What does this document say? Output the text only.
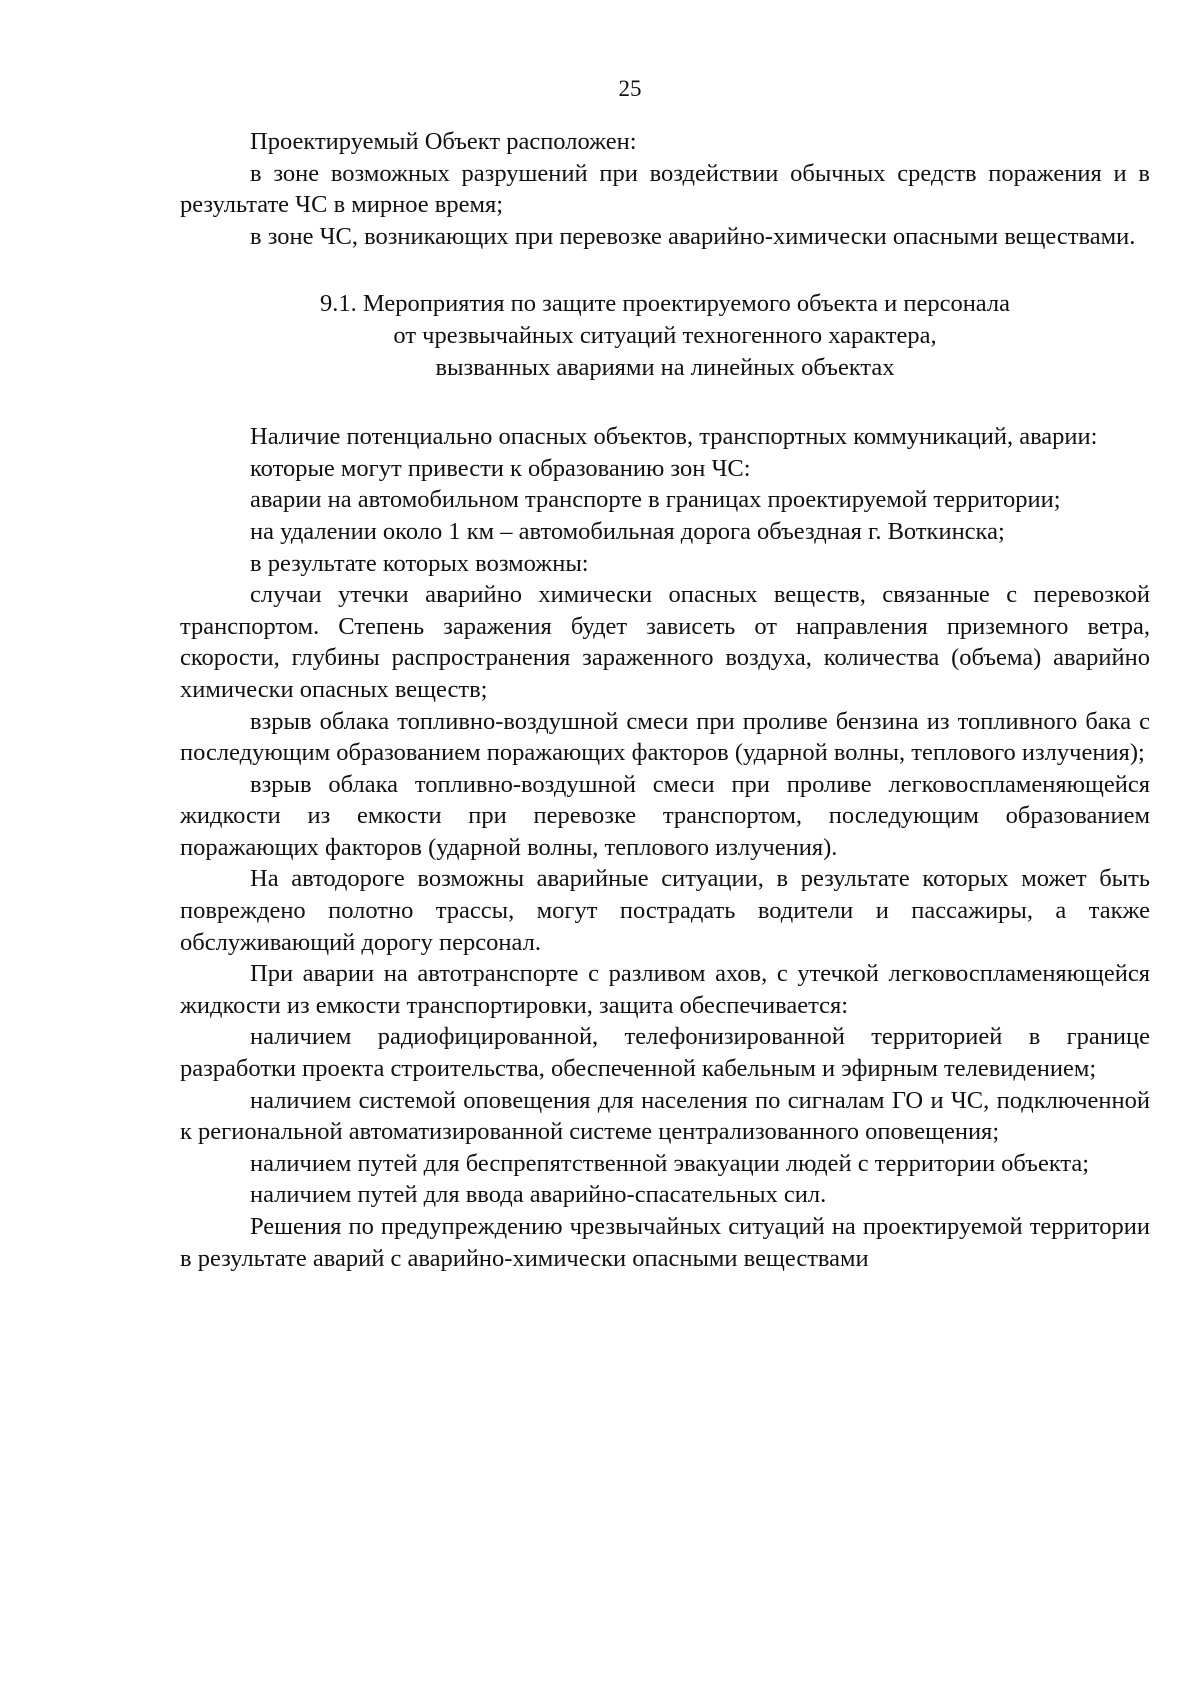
25

Проектируемый Объект расположен:

в зоне возможных разрушений при воздействии обычных средств поражения и в результате ЧС в мирное время;

в зоне ЧС, возникающих при перевозке аварийно-химически опасными веществами.

9.1. Мероприятия по защите проектируемого объекта и персонала
от чрезвычайных ситуаций техногенного характера,
вызванных авариями на линейных объектах

Наличие потенциально опасных объектов, транспортных коммуникаций, аварии:

которые могут привести к образованию зон ЧС:

аварии на автомобильном транспорте в границах проектируемой территории;

на удалении около 1 км – автомобильная дорога объездная г. Воткинска;

в результате которых возможны:

случаи утечки аварийно химически опасных веществ, связанные с перевозкой транспортом. Степень заражения будет зависеть от направления приземного ветра, скорости, глубины распространения зараженного воздуха, количества (объема) аварийно химически опасных веществ;

взрыв облака топливно-воздушной смеси при проливе бензина из топливного бака с последующим образованием поражающих факторов (ударной волны, теплового излучения);

взрыв облака топливно-воздушной смеси при проливе легковоспламеняющейся жидкости из емкости при перевозке транспортом, последующим образованием поражающих факторов (ударной волны, теплового излучения).

На автодороге возможны аварийные ситуации, в результате которых может быть повреждено полотно трассы, могут пострадать водители и пассажиры, а также обслуживающий дорогу персонал.

При аварии на автотранспорте с разливом ахов, с утечкой легковоспламеняющейся жидкости из емкости транспортировки, защита обеспечивается:

наличием радиофицированной, телефонизированной территорией в границе разработки проекта строительства, обеспеченной кабельным и эфирным телевидением;

наличием системой оповещения для населения по сигналам ГО и ЧС, подключенной к региональной автоматизированной системе централизованного оповещения;

наличием путей для беспрепятственной эвакуации людей с территории объекта;

наличием путей для ввода аварийно-спасательных сил.

Решения по предупреждению чрезвычайных ситуаций на проектируемой территории в результате аварий с аварийно-химически опасными веществами
